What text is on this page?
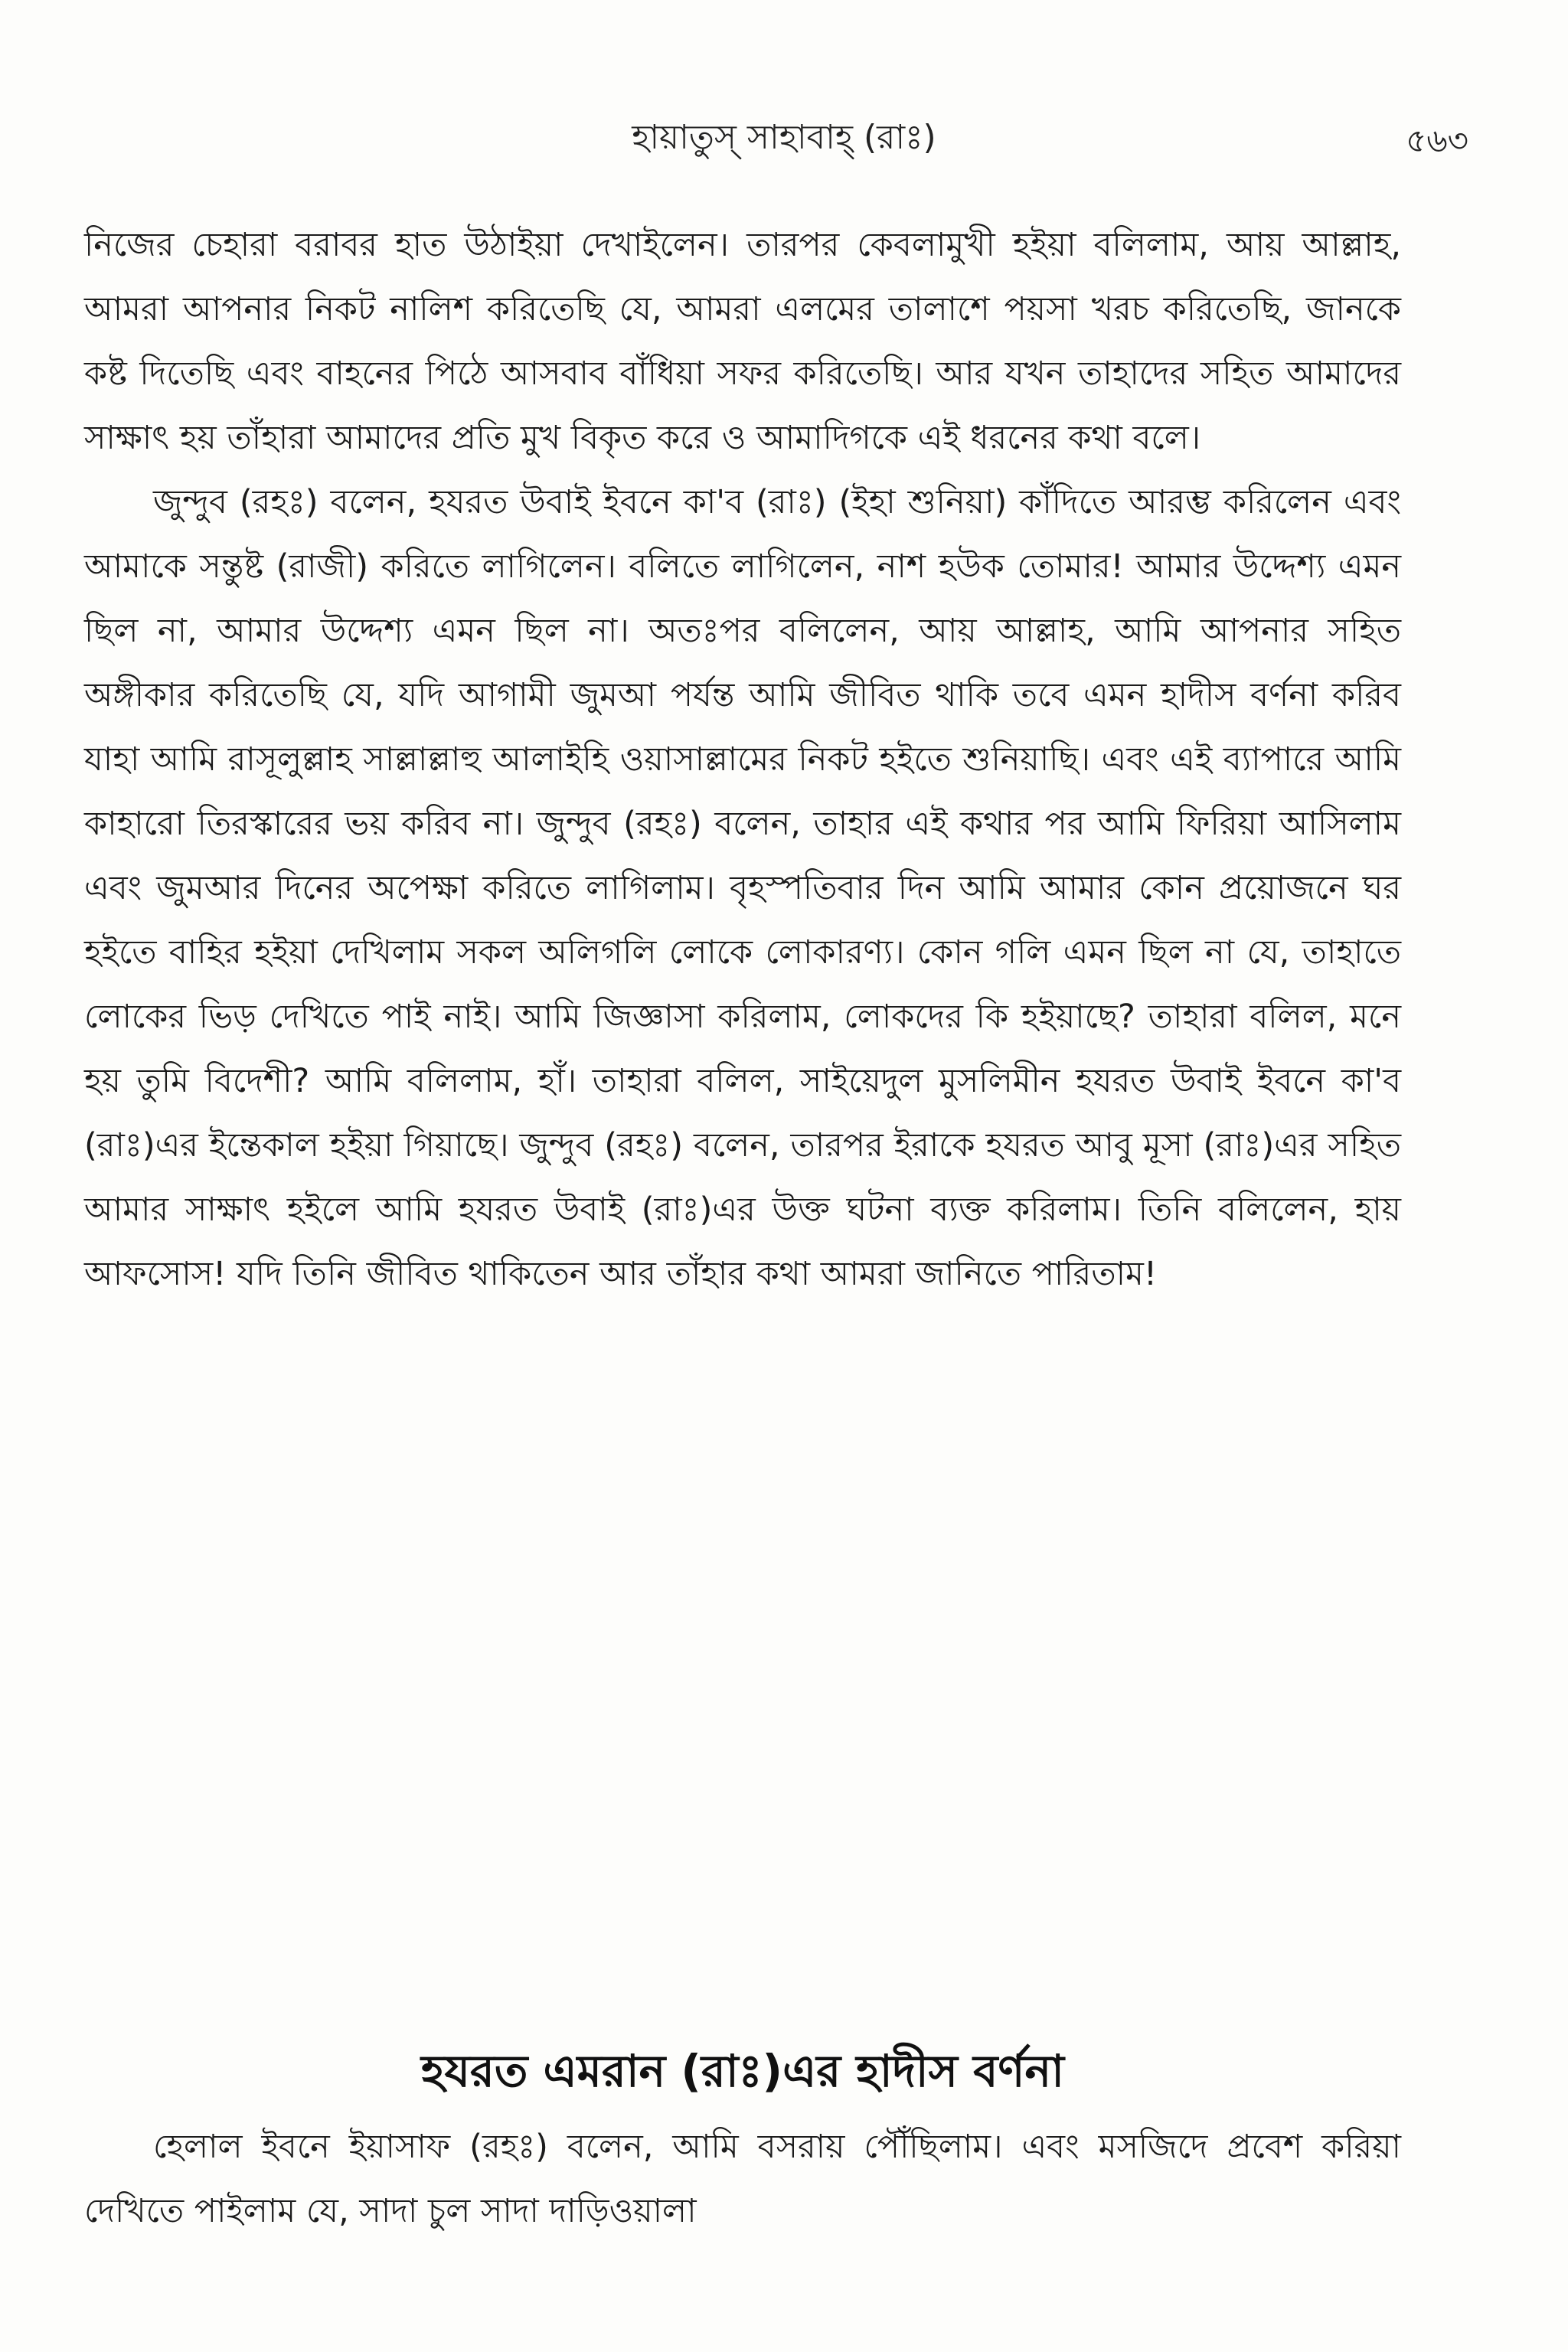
হায়াতুস্ সাহাবাহ্ (রাঃ)	৫৬৩

নিজের চেহারা বরাবর হাত উঠাইয়া দেখাইলেন। তারপর কেবলামুখী হইয়া বলিলাম, আয় আল্লাহ, আমরা আপনার নিকট নালিশ করিতেছি যে, আমরা এলমের তালাশে পয়সা খরচ করিতেছি, জানকে কষ্ট দিতেছি এবং বাহনের পিঠে আসবাব বাঁধিয়া সফর করিতেছি। আর যখন তাহাদের সহিত আমাদের সাক্ষাৎ হয় তাঁহারা আমাদের প্রতি মুখ বিকৃত করে ও আমাদিগকে এই ধরনের কথা বলে।

জুন্দুব (রহঃ) বলেন, হযরত উবাই ইবনে কা'ব (রাঃ) (ইহা শুনিয়া) কাঁদিতে আরম্ভ করিলেন এবং আমাকে সন্তুষ্ট (রাজী) করিতে লাগিলেন। বলিতে লাগিলেন, নাশ হউক তোমার! আমার উদ্দেশ্য এমন ছিল না, আমার উদ্দেশ্য এমন ছিল না। অতঃপর বলিলেন, আয় আল্লাহ, আমি আপনার সহিত অঙ্গীকার করিতেছি যে, যদি আগামী জুমআ পর্যন্ত আমি জীবিত থাকি তবে এমন হাদীস বর্ণনা করিব যাহা আমি রাসূলুল্লাহ সাল্লাল্লাহু আলাইহি ওয়াসাল্লামের নিকট হইতে শুনিয়াছি। এবং এই ব্যাপারে আমি কাহারো তিরস্কারের ভয় করিব না। জুন্দুব (রহঃ) বলেন, তাহার এই কথার পর আমি ফিরিয়া আসিলাম এবং জুমআর দিনের অপেক্ষা করিতে লাগিলাম। বৃহস্পতিবার দিন আমি আমার কোন প্রয়োজনে ঘর হইতে বাহির হইয়া দেখিলাম সকল অলিগলি লোকে লোকারণ্য। কোন গলি এমন ছিল না যে, তাহাতে লোকের ভিড় দেখিতে পাই নাই। আমি জিজ্ঞাসা করিলাম, লোকদের কি হইয়াছে? তাহারা বলিল, মনে হয় তুমি বিদেশী? আমি বলিলাম, হাঁ। তাহারা বলিল, সাইয়েদুল মুসলিমীন হযরত উবাই ইবনে কা'ব (রাঃ)এর ইন্তেকাল হইয়া গিয়াছে। জুন্দুব (রহঃ) বলেন, তারপর ইরাকে হযরত আবু মূসা (রাঃ)এর সহিত আমার সাক্ষাৎ হইলে আমি হযরত উবাই (রাঃ)এর উক্ত ঘটনা ব্যক্ত করিলাম। তিনি বলিলেন, হায় আফসোস! যদি তিনি জীবিত থাকিতেন আর তাঁহার কথা আমরা জানিতে পারিতাম!

হযরত এমরান (রাঃ)এর হাদীস বর্ণনা

হেলাল ইবনে ইয়াসাফ (রহঃ) বলেন, আমি বসরায় পৌঁছিলাম। এবং মসজিদে প্রবেশ করিয়া দেখিতে পাইলাম যে, সাদা চুল সাদা দাড়িওয়ালা
